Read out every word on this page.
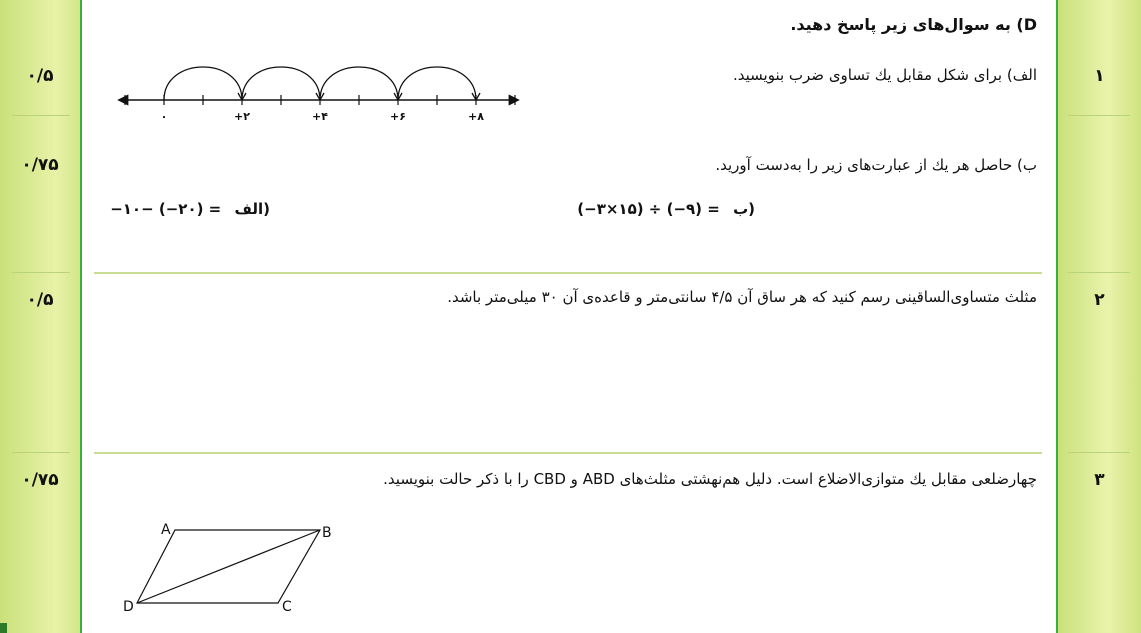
D) به سوال‌های زیر پاسخ دهید.
۱
۰/۵
۰/۷۵
الف) برای شکل مقابل یك تساوی ضرب بنویسید.
۰	+۲	+۴	+۶	+۸
ب) حاصل هر یك از عبارت‌های زیر را به‌دست آورید.
(ب (−۳×۱۵) ÷ (−۹) =
(الف −۱۰− (−۲۰) =
۲
۰/۵	مثلث متساوی‌الساقینی رسم کنید که هر ساق آن ۴/۵ سانتی‌متر و قاعده‌ی آن ۳۰ میلی‌متر باشد.
۳
۰/۷۵	چهارضلعی مقابل یك متوازی‌الاضلاع است. دلیل هم‌نهشتی مثلث‌های ABD و CBD را با ذکر حالت بنویسید.
A	B
C
D
